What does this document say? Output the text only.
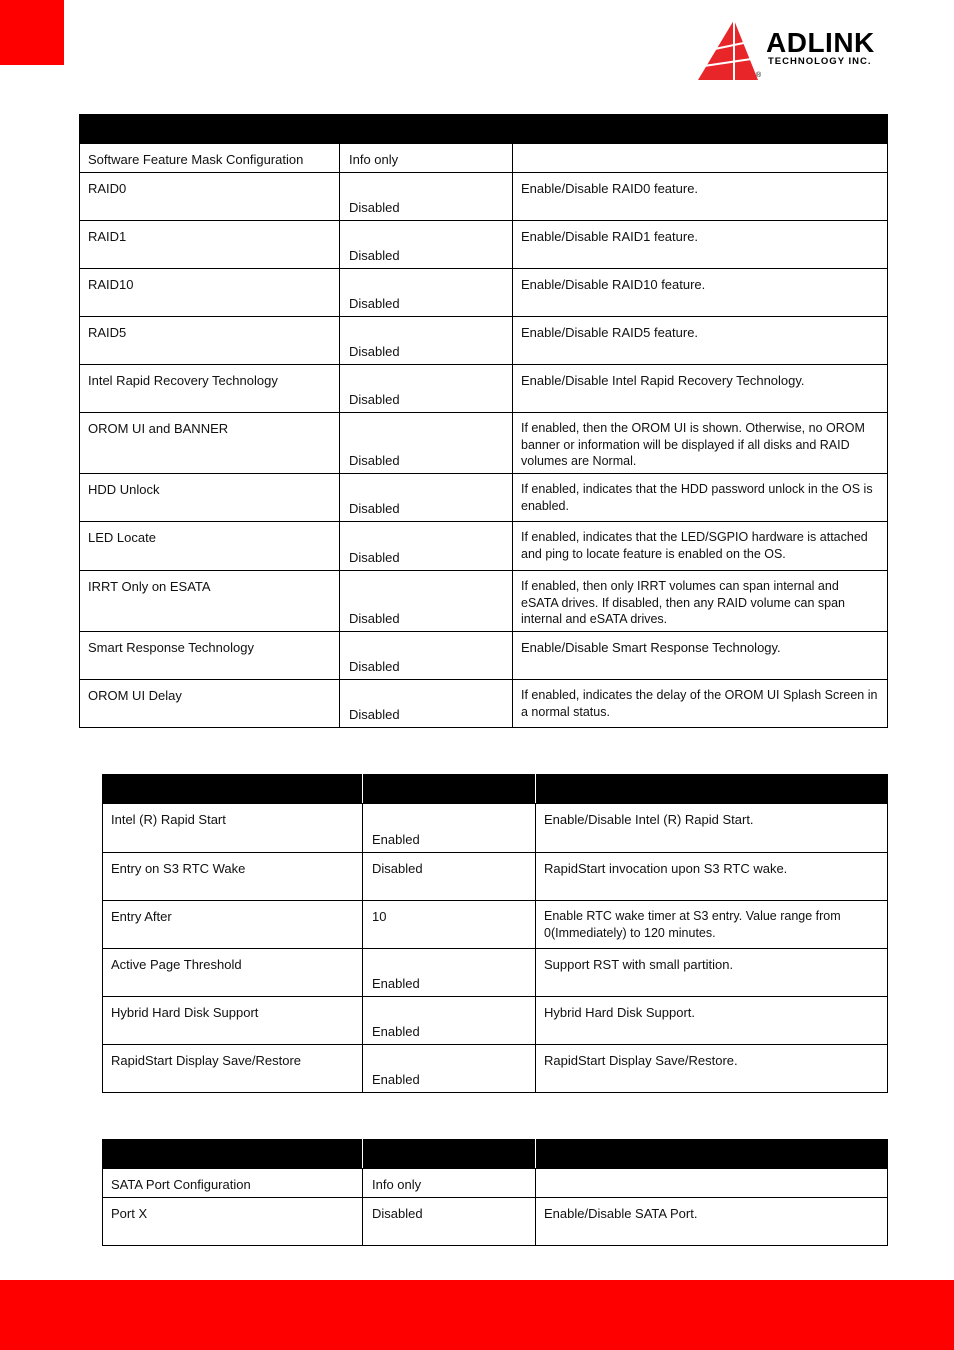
ADLINK
TECHNOLOGY INC.
®

Software Feature Mask Configuration	Info only	

RAID0	Disabled	Enable/Disable RAID0 feature.

RAID1	Disabled	Enable/Disable RAID1 feature.

RAID10	Disabled	Enable/Disable RAID10 feature.

RAID5	Disabled	Enable/Disable RAID5 feature.

Intel Rapid Recovery Technology	Disabled	Enable/Disable Intel Rapid Recovery Technology.

OROM UI and BANNER	Disabled	If enabled, then the OROM UI is shown. Otherwise, no OROM banner or information will be displayed if all disks and RAID volumes are Normal.

HDD Unlock	Disabled	If enabled, indicates that the HDD password unlock in the OS is enabled.

LED Locate	Disabled	If enabled, indicates that the LED/SGPIO hardware is attached and ping to locate feature is enabled on the OS.

IRRT Only on ESATA	Disabled	If enabled, then only IRRT volumes can span internal and eSATA drives. If disabled, then any RAID volume can span internal and eSATA drives.

Smart Response Technology	Disabled	Enable/Disable Smart Response Technology.

OROM UI Delay	Disabled	If enabled, indicates the delay of the OROM UI Splash Screen in a normal status.

Intel (R) Rapid Start	Enabled	Enable/Disable Intel (R) Rapid Start.

Entry on S3 RTC Wake	Disabled	RapidStart invocation upon S3 RTC wake.

Entry After	10	Enable RTC wake timer at S3 entry. Value range from 0(Immediately) to 120 minutes.

Active Page Threshold	Enabled	Support RST with small partition.

Hybrid Hard Disk Support	Enabled	Hybrid Hard Disk Support.

RapidStart Display Save/Restore	Enabled	RapidStart Display Save/Restore.

SATA Port Configuration	Info only	

Port X	Disabled	Enable/Disable SATA Port.
